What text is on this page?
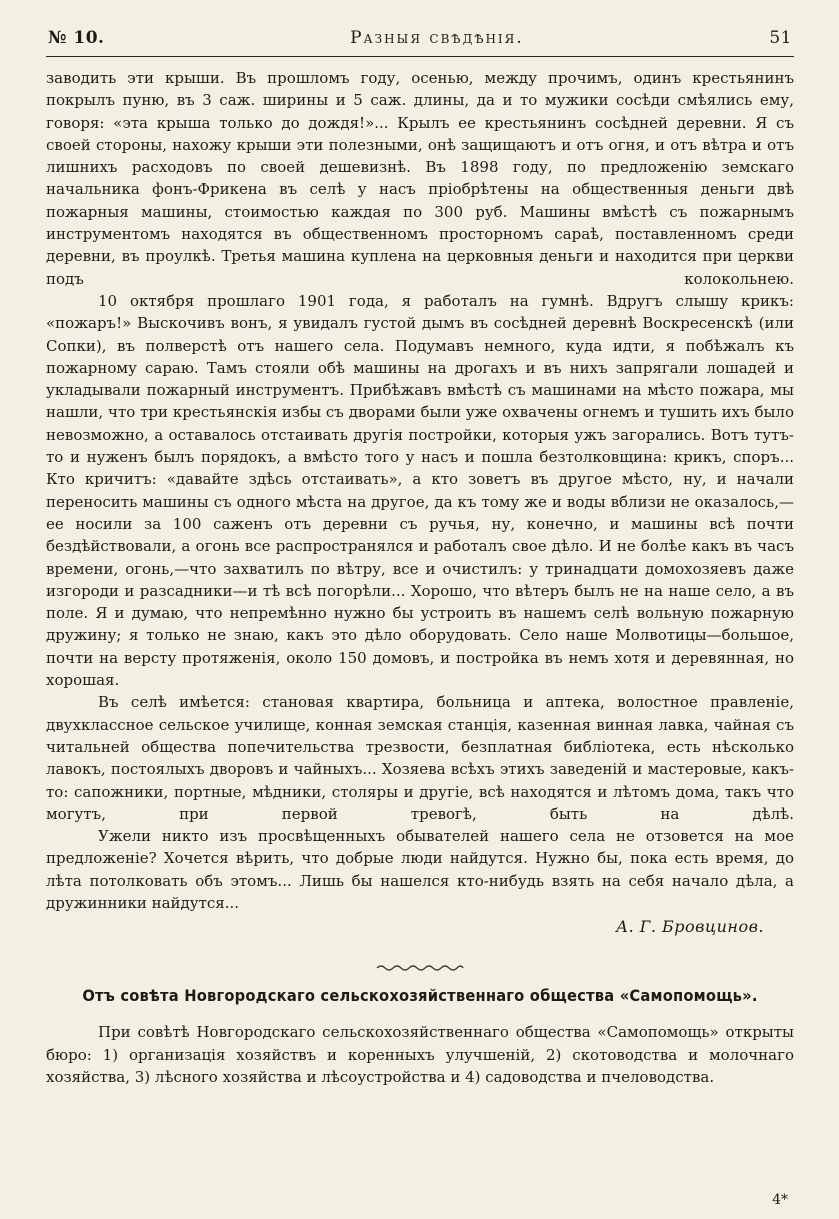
№ 10.	Разныя свѣдѣнія.	51

заводить эти крыши. Въ прошломъ году, осенью, между прочимъ, одинъ крестьянинъ покрылъ пуню, въ 3 саж. ширины и 5 саж. длины, да и то мужики сосѣди смѣялись ему, говоря: «эта крыша только до дождя!»... Крылъ ее крестьянинъ сосѣдней деревни. Я съ своей стороны, нахожу крыши эти полезными, онѣ защищаютъ и отъ огня, и отъ вѣтра и отъ лишнихъ расходовъ по своей дешевизнѣ. Въ 1898 году, по предложенію земскаго начальника фонъ-Фрикена въ селѣ у насъ пріобрѣтены на общественныя деньги двѣ пожарныя машины, стоимостью каждая по 300 руб. Машины вмѣстѣ съ пожарнымъ инструментомъ находятся въ общественномъ просторномъ сараѣ, поставленномъ среди деревни, въ проулкѣ. Третья машина куплена на церковныя деньги и находится при церкви подъ колокольнею.

10 октября прошлаго 1901 года, я работалъ на гумнѣ. Вдругъ слышу крикъ: «пожаръ!» Выскочивъ вонъ, я увидалъ густой дымъ въ сосѣдней деревнѣ Воскресенскѣ (или Сопки), въ полверстѣ отъ нашего села. Подумавъ немного, куда идти, я побѣжалъ къ пожарному сараю. Тамъ стояли обѣ машины на дрогахъ и въ нихъ запрягали лошадей и укладывали пожарный инструментъ. Прибѣжавъ вмѣстѣ съ машинами на мѣсто пожара, мы нашли, что три крестьянскія избы съ дворами были уже охвачены огнемъ и тушить ихъ было невозможно, а оставалось отстаивать другія постройки, которыя ужъ загорались. Вотъ тутъ-то и нуженъ былъ порядокъ, а вмѣсто того у насъ и пошла безтолковщина: крикъ, споръ... Кто кричитъ: «давайте здѣсь отстаивать», а кто зоветъ въ другое мѣсто, ну, и начали переносить машины съ одного мѣста на другое, да къ тому же и воды вблизи не оказалось,—ее носили за 100 саженъ отъ деревни съ ручья, ну, конечно, и машины всѣ почти бездѣйствовали, а огонь все распространялся и работалъ свое дѣло. И не болѣе какъ въ часъ времени, огонь,—что захватилъ по вѣтру, все и очистилъ: у тринадцати домохозяевъ даже изгороди и разсадники—и тѣ всѣ погорѣли... Хорошо, что вѣтеръ былъ не на наше село, а въ поле. Я и думаю, что непремѣнно нужно бы устроить въ нашемъ селѣ вольную пожарную дружину; я только не знаю, какъ это дѣло оборудовать. Село наше Молвотицы—большое, почти на версту протяженія, около 150 домовъ, и постройка въ немъ хотя и деревянная, но хорошая.

Въ селѣ имѣется: становая квартира, больница и аптека, волостное правленіе, двухклассное сельское училище, конная земская станція, казенная винная лавка, чайная съ читальней общества попечительства трезвости, безплатная библіотека, есть нѣсколько лавокъ, постоялыхъ дворовъ и чайныхъ... Хозяева всѣхъ этихъ заведеній и мастеровые, какъ-то: сапожники, портные, мѣдники, столяры и другіе, всѣ находятся и лѣтомъ дома, такъ что могутъ, при первой тревогѣ, быть на дѣлѣ.

Ужели никто изъ просвѣщенныхъ обывателей нашего села не отзовется на мое предложеніе? Хочется вѣрить, что добрые люди найдутся. Нужно бы, пока есть время, до лѣта потолковать объ этомъ... Лишь бы нашелся кто-нибудь взять на себя начало дѣла, а дружинники найдутся...

А. Г. Бровцинов.
Отъ совѣта Новгородскаго сельскохозяйственнаго общества «Самопомощь».

При совѣтѣ Новгородскаго сельскохозяйственнаго общества «Самопомощь» открыты бюро: 1) организація хозяйствъ и коренныхъ улучшеній, 2) скотоводства и молочнаго хозяйства, 3) лѣсного хозяйства и лѣсоустройства и 4) садоводства и пчеловодства.

4*
